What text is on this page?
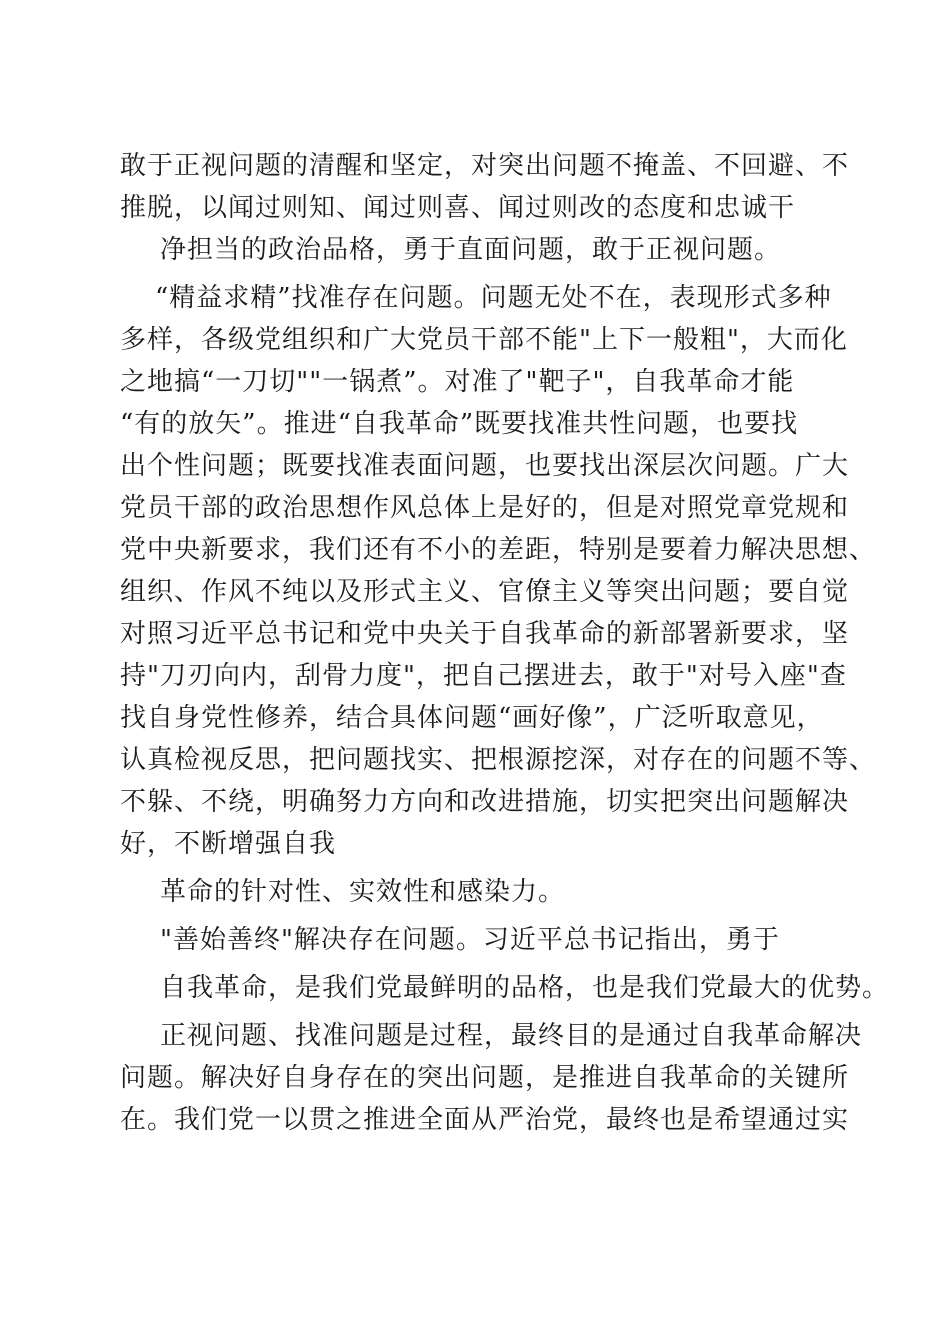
敢于正视问题的清醒和坚定，对突出问题不掩盖、不回避、不
推脱，以闻过则知、闻过则喜、闻过则改的态度和忠诚干
净担当的政治品格，勇于直面问题，敢于正视问题。
“精益求精”找准存在问题。问题无处不在，表现形式多种
多样，各级党组织和广大党员干部不能"上下一般粗"，大而化
之地搞“一刀切""一锅煮”。对准了"靶子"，自我革命才能
“有的放矢”。推进“自我革命”既要找准共性问题，也要找
出个性问题；既要找准表面问题，也要找出深层次问题。广大
党员干部的政治思想作风总体上是好的，但是对照党章党规和
党中央新要求，我们还有不小的差距，特别是要着力解决思想、
组织、作风不纯以及形式主义、官僚主义等突出问题；要自觉
对照习近平总书记和党中央关于自我革命的新部署新要求，坚
持"刀刃向内，刮骨力度"，把自己摆进去，敢于"对号入座"查
找自身党性修养，结合具体问题“画好像”，广泛听取意见，
认真检视反思，把问题找实、把根源挖深，对存在的问题不等、
不躲、不绕，明确努力方向和改进措施，切实把突出问题解决
好，不断增强自我
革命的针对性、实效性和感染力。
"善始善终"解决存在问题。习近平总书记指出，勇于
自我革命，是我们党最鲜明的品格，也是我们党最大的优势。
正视问题、找准问题是过程，最终目的是通过自我革命解决
问题。解决好自身存在的突出问题，是推进自我革命的关键所
在。我们党一以贯之推进全面从严治党，最终也是希望通过实
